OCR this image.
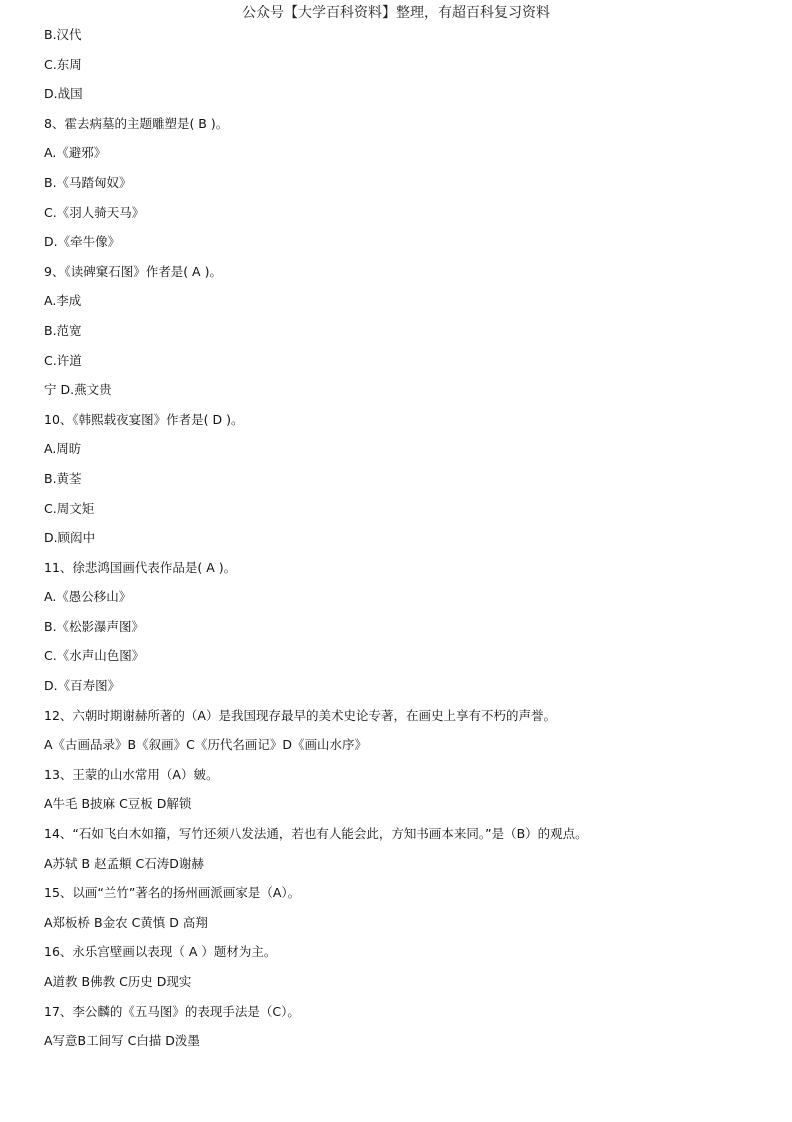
公众号【大学百科资料】整理，有超百科复习资料
B.汉代
C.东周
D.战国
8、霍去病墓的主题雕塑是( B )。
A.《避邪》
B.《马踏匈奴》
C.《羽人骑天马》
D.《牵牛像》
9、《读碑窠石图》作者是( A )。
A.李成
B.范宽
C.许道
宁 D.燕文贵
10、《韩熙载夜宴图》作者是( D )。
A.周昉
B.黄荃
C.周文矩
D.顾闳中
11、徐悲鸿国画代表作品是( A )。
A.《愚公移山》
B.《松影瀑声图》
C.《水声山色图》
D.《百寿图》
12、六朝时期谢赫所著的（A）是我国现存最早的美术史论专著，在画史上享有不朽的声誉。
A《古画品录》B《叙画》C《历代名画记》D《画山水序》
13、王蒙的山水常用（A）皴。
A牛毛 B披麻 C豆板 D解锁
14、“石如飞白木如籀，写竹还须八发法通，若也有人能会此，方知书画本来同。”是（B）的观点。
A苏轼 B 赵孟頫 C石涛D谢赫
15、以画“兰竹”著名的扬州画派画家是（A）。
A郑板桥 B金农 C黄慎 D 高翔
16、永乐宫壁画以表现（ A ）题材为主。
A道教 B佛教 C历史 D现实
17、李公麟的《五马图》的表现手法是（C）。
A写意B工间写 C白描 D泼墨
